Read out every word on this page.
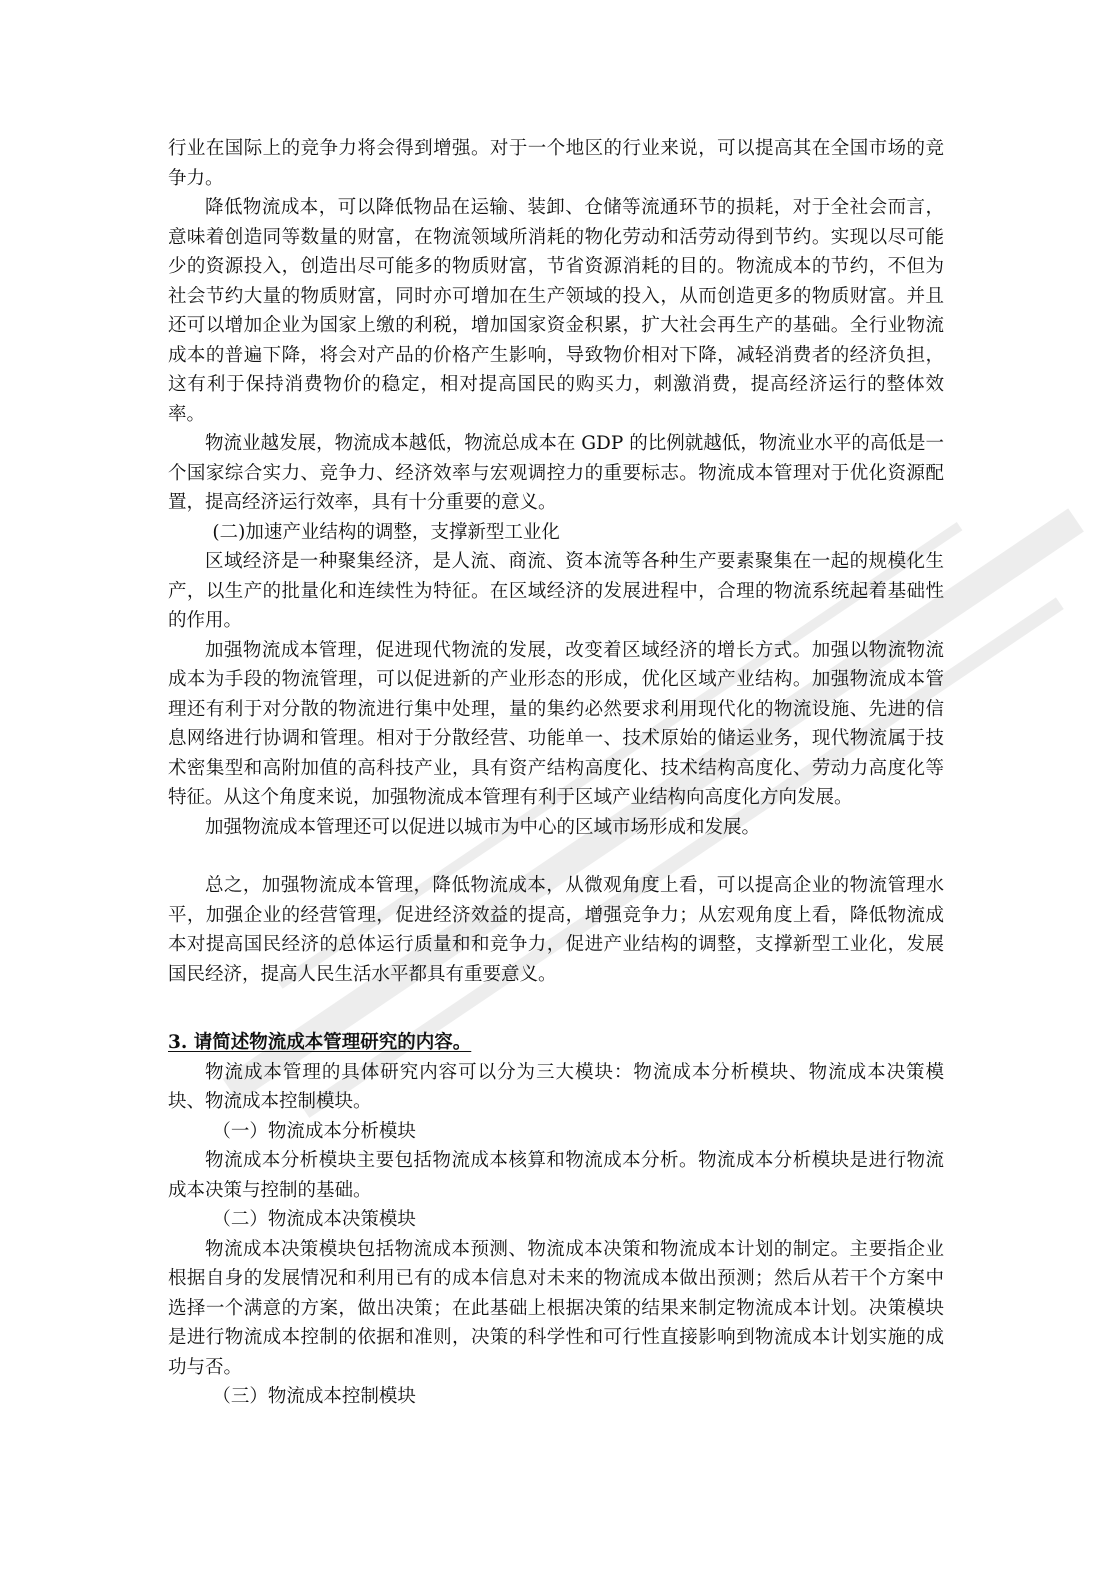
行业在国际上的竞争力将会得到增强。对于一个地区的行业来说，可以提高其在全国市场的竞争力。

降低物流成本，可以降低物品在运输、装卸、仓储等流通环节的损耗，对于全社会而言，意味着创造同等数量的财富，在物流领域所消耗的物化劳动和活劳动得到节约。实现以尽可能少的资源投入，创造出尽可能多的物质财富，节省资源消耗的目的。物流成本的节约，不但为社会节约大量的物质财富，同时亦可增加在生产领域的投入，从而创造更多的物质财富。并且还可以增加企业为国家上缴的利税，增加国家资金积累，扩大社会再生产的基础。全行业物流成本的普遍下降，将会对产品的价格产生影响，导致物价相对下降，减轻消费者的经济负担，这有利于保持消费物价的稳定，相对提高国民的购买力，刺激消费，提高经济运行的整体效率。

物流业越发展，物流成本越低，物流总成本在 GDP 的比例就越低，物流业水平的高低是一个国家综合实力、竞争力、经济效率与宏观调控力的重要标志。物流成本管理对于优化资源配置，提高经济运行效率，具有十分重要的意义。

(二)加速产业结构的调整，支撑新型工业化

区域经济是一种聚集经济，是人流、商流、资本流等各种生产要素聚集在一起的规模化生产，以生产的批量化和连续性为特征。在区域经济的发展进程中，合理的物流系统起着基础性的作用。

加强物流成本管理，促进现代物流的发展，改变着区域经济的增长方式。加强以物流物流成本为手段的物流管理，可以促进新的产业形态的形成，优化区域产业结构。加强物流成本管理还有利于对分散的物流进行集中处理，量的集约必然要求利用现代化的物流设施、先进的信息网络进行协调和管理。相对于分散经营、功能单一、技术原始的储运业务，现代物流属于技术密集型和高附加值的高科技产业，具有资产结构高度化、技术结构高度化、劳动力高度化等特征。从这个角度来说，加强物流成本管理有利于区域产业结构向高度化方向发展。

加强物流成本管理还可以促进以城市为中心的区域市场形成和发展。

总之，加强物流成本管理，降低物流成本，从微观角度上看，可以提高企业的物流管理水平，加强企业的经营管理，促进经济效益的提高，增强竞争力；从宏观角度上看，降低物流成本对提高国民经济的总体运行质量和和竞争力，促进产业结构的调整，支撑新型工业化，发展国民经济，提高人民生活水平都具有重要意义。

3. 请简述物流成本管理研究的内容。

物流成本管理的具体研究内容可以分为三大模块：物流成本分析模块、物流成本决策模块、物流成本控制模块。

（一）物流成本分析模块

物流成本分析模块主要包括物流成本核算和物流成本分析。物流成本分析模块是进行物流成本决策与控制的基础。

（二）物流成本决策模块

物流成本决策模块包括物流成本预测、物流成本决策和物流成本计划的制定。主要指企业根据自身的发展情况和利用已有的成本信息对未来的物流成本做出预测；然后从若干个方案中选择一个满意的方案，做出决策；在此基础上根据决策的结果来制定物流成本计划。决策模块是进行物流成本控制的依据和准则，决策的科学性和可行性直接影响到物流成本计划实施的成功与否。

（三）物流成本控制模块
